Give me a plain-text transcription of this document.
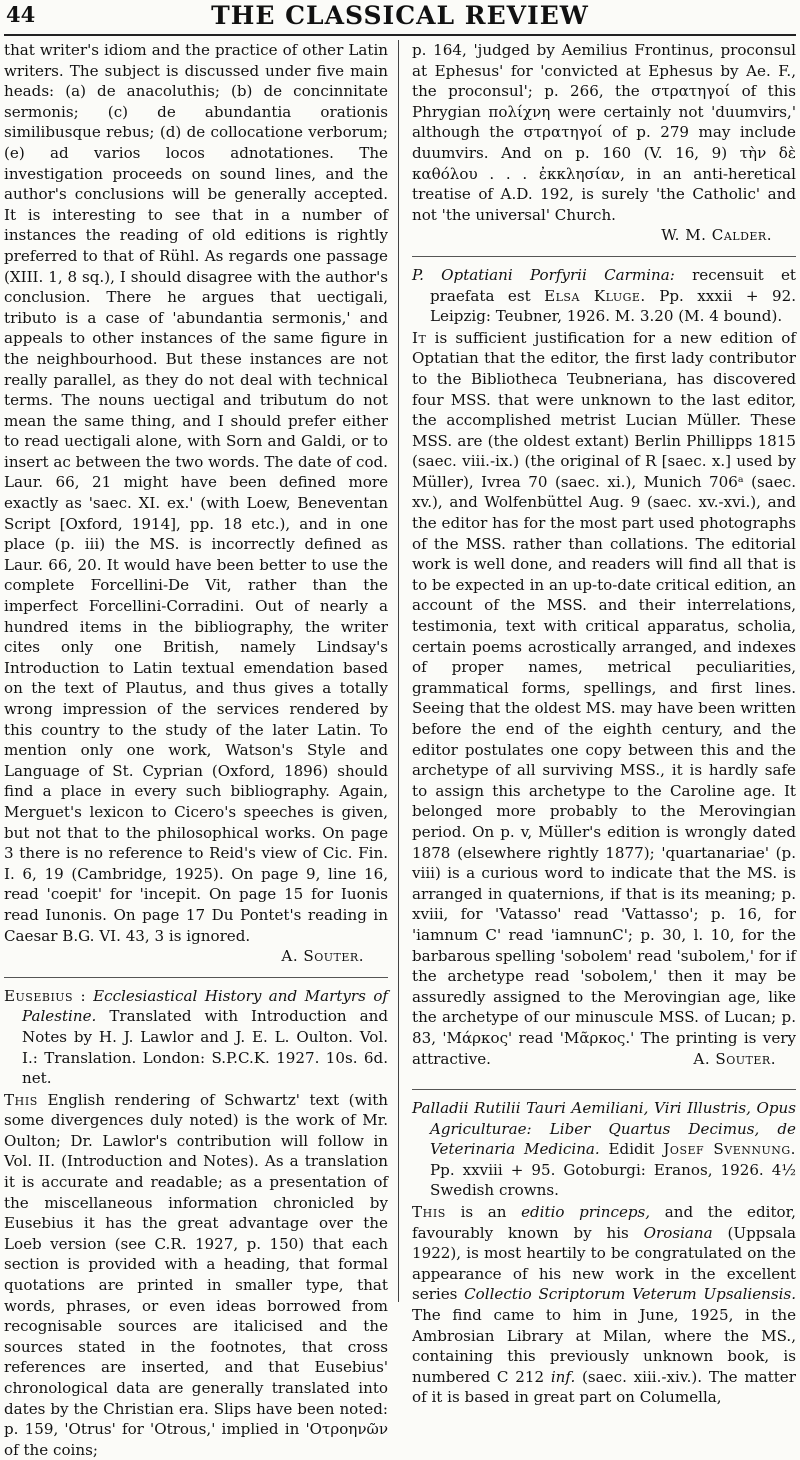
44	THE CLASSICAL REVIEW

that writer's idiom and the practice of other Latin writers. The subject is discussed under five main heads: (a) de anacoluthis; (b) de concinnitate sermonis; (c) de abundantia orationis similibusque rebus; (d) de collocatione verborum; (e) ad varios locos adnotationes. The investigation proceeds on sound lines, and the author's conclusions will be generally accepted. It is interesting to see that in a number of instances the reading of old editions is rightly preferred to that of Rühl. As regards one passage (XIII. 1, 8 sq.), I should disagree with the author's conclusion. There he argues that uectigali, tributo is a case of 'abundantia sermonis,' and appeals to other instances of the same figure in the neighbourhood. But these instances are not really parallel, as they do not deal with technical terms. The nouns uectigal and tributum do not mean the same thing, and I should prefer either to read uectigali alone, with Sorn and Galdi, or to insert ac between the two words. The date of cod. Laur. 66, 21 might have been defined more exactly as 'saec. XI. ex.' (with Loew, Beneventan Script [Oxford, 1914], pp. 18 etc.), and in one place (p. iii) the MS. is incorrectly defined as Laur. 66, 20. It would have been better to use the complete Forcellini-De Vit, rather than the imperfect Forcellini-Corradini. Out of nearly a hundred items in the bibliography, the writer cites only one British, namely Lindsay's Introduction to Latin textual emendation based on the text of Plautus, and thus gives a totally wrong impression of the services rendered by this country to the study of the later Latin. To mention only one work, Watson's Style and Language of St. Cyprian (Oxford, 1896) should find a place in every such bibliography. Again, Merguet's lexicon to Cicero's speeches is given, but not that to the philosophical works. On page 3 there is no reference to Reid's view of Cic. Fin. I. 6, 19 (Cambridge, 1925). On page 9, line 16, read 'coepit' for 'incepit. On page 15 for Iuonis read Iunonis. On page 17 Du Pontet's reading in Caesar B.G. VI. 43, 3 is ignored.

A. Souter.

Eusebius : Ecclesiastical History and Martyrs of Palestine. Translated with Introduction and Notes by H. J. Lawlor and J. E. L. Oulton. Vol. I.: Translation. London: S.P.C.K. 1927. 10s. 6d. net.

This English rendering of Schwartz' text (with some divergences duly noted) is the work of Mr. Oulton; Dr. Lawlor's contribution will follow in Vol. II. (Introduction and Notes). As a translation it is accurate and readable; as a presentation of the miscellaneous information chronicled by Eusebius it has the great advantage over the Loeb version (see C.R. 1927, p. 150) that each section is provided with a heading, that formal quotations are printed in smaller type, that words, phrases, or even ideas borrowed from recognisable sources are italicised and the sources stated in the footnotes, that cross references are inserted, and that Eusebius' chronological data are generally translated into dates by the Christian era. Slips have been noted: p. 159, 'Otrus' for 'Otrous,' implied in 'Οτροηνῶν of the coins;

p. 164, 'judged by Aemilius Frontinus, proconsul at Ephesus' for 'convicted at Ephesus by Ae. F., the proconsul'; p. 266, the στρατηγοί of this Phrygian πολίχνη were certainly not 'duumvirs,' although the στρατηγοί of p. 279 may include duumvirs. And on p. 160 (V. 16, 9) τὴν δὲ καθόλου . . . ἐκκλησίαν, in an anti-heretical treatise of A.D. 192, is surely 'the Catholic' and not 'the universal' Church.

W. M. Calder.

P. Optatiani Porfyrii Carmina: recensuit et praefata est Elsa Kluge. Pp. xxxii + 92. Leipzig: Teubner, 1926. M. 3.20 (M. 4 bound).

It is sufficient justification for a new edition of Optatian that the editor, the first lady contributor to the Bibliotheca Teubneriana, has discovered four MSS. that were unknown to the last editor, the accomplished metrist Lucian Müller. These MSS. are (the oldest extant) Berlin Phillipps 1815 (saec. viii.-ix.) (the original of R [saec. x.] used by Müller), Ivrea 70 (saec. xi.), Munich 706ᵃ (saec. xv.), and Wolfenbüttel Aug. 9 (saec. xv.-xvi.), and the editor has for the most part used photographs of the MSS. rather than collations. The editorial work is well done, and readers will find all that is to be expected in an up-to-date critical edition, an account of the MSS. and their interrelations, testimonia, text with critical apparatus, scholia, certain poems acrostically arranged, and indexes of proper names, metrical peculiarities, grammatical forms, spellings, and first lines. Seeing that the oldest MS. may have been written before the end of the eighth century, and the editor postulates one copy between this and the archetype of all surviving MSS., it is hardly safe to assign this archetype to the Caroline age. It belonged more probably to the Merovingian period. On p. v, Müller's edition is wrongly dated 1878 (elsewhere rightly 1877); 'quartanariae' (p. viii) is a curious word to indicate that the MS. is arranged in quaternions, if that is its meaning; p. xviii, for 'Vatasso' read 'Vattasso'; p. 16, for 'iamnum C' read 'iamnunC'; p. 30, l. 10, for the barbarous spelling 'sobolem' read 'subolem,' for if the archetype read 'sobolem,' then it may be assuredly assigned to the Merovingian age, like the archetype of our minuscule MSS. of Lucan; p. 83, 'Μάρκος' read 'Μᾶρκος.' The printing is very attractive.	A. Souter.

Palladii Rutilii Tauri Aemiliani, Viri Illustris, Opus Agriculturae: Liber Quartus Decimus, de Veterinaria Medicina. Edidit Josef Svennung. Pp. xxviii + 95. Gotoburgi: Eranos, 1926. 4½ Swedish crowns.

This is an editio princeps, and the editor, favourably known by his Orosiana (Uppsala 1922), is most heartily to be congratulated on the appearance of his new work in the excellent series Collectio Scriptorum Veterum Upsaliensis. The find came to him in June, 1925, in the Ambrosian Library at Milan, where the MS., containing this previously unknown book, is numbered C 212 inf. (saec. xiii.-xiv.). The matter of it is based in great part on Columella,
